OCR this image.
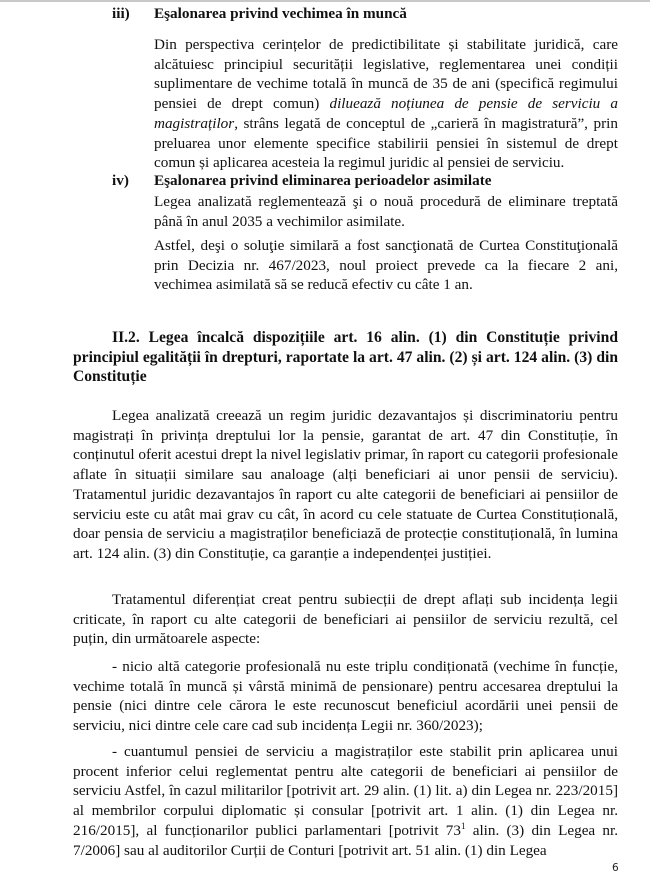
iii) Eşalonarea privind vechimea în muncă
Din perspectiva cerințelor de predictibilitate și stabilitate juridică, care alcătuiesc principiul securității legislative, reglementarea unei condiții suplimentare de vechime totală în muncă de 35 de ani (specifică regimului pensiei de drept comun) diluează noțiunea de pensie de serviciu a magistraților, strâns legată de conceptul de „carieră în magistratură”, prin preluarea unor elemente specifice stabilirii pensiei în sistemul de drept comun și aplicarea acesteia la regimul juridic al pensiei de serviciu.
iv) Eşalonarea privind eliminarea perioadelor asimilate
Legea analizată reglementează şi o nouă procedură de eliminare treptată până în anul 2035 a vechimilor asimilate.
Astfel, deşi o soluţie similară a fost sancţionată de Curtea Constituţională prin Decizia nr. 467/2023, noul proiect prevede ca la fiecare 2 ani, vechimea asimilată să se reducă efectiv cu câte 1 an.
II.2. Legea încalcă dispozițiile art. 16 alin. (1) din Constituție privind principiul egalității în drepturi, raportate la art. 47 alin. (2) și art. 124 alin. (3) din Constituție
Legea analizată creează un regim juridic dezavantajos și discriminatoriu pentru magistrați în privința dreptului lor la pensie, garantat de art. 47 din Constituție, în conținutul oferit acestui drept la nivel legislativ primar, în raport cu categorii profesionale aflate în situații similare sau analoage (alți beneficiari ai unor pensii de serviciu). Tratamentul juridic dezavantajos în raport cu alte categorii de beneficiari ai pensiilor de serviciu este cu atât mai grav cu cât, în acord cu cele statuate de Curtea Constituțională, doar pensia de serviciu a magistraților beneficiază de protecție constituțională, în lumina art. 124 alin. (3) din Constituție, ca garanție a independenței justiției.
Tratamentul diferențiat creat pentru subiecții de drept aflați sub incidența legii criticate, în raport cu alte categorii de beneficiari ai pensiilor de serviciu rezultă, cel puțin, din următoarele aspecte:
- nicio altă categorie profesională nu este triplu condiționată (vechime în funcție, vechime totală în muncă și vârstă minimă de pensionare) pentru accesarea dreptului la pensie (nici dintre cele cărora le este recunoscut beneficiul acordării unei pensii de serviciu, nici dintre cele care cad sub incidența Legii nr. 360/2023);
- cuantumul pensiei de serviciu a magistraților este stabilit prin aplicarea unui procent inferior celui reglementat pentru alte categorii de beneficiari ai pensiilor de serviciu Astfel, în cazul militarilor [potrivit art. 29 alin. (1) lit. a) din Legea nr. 223/2015] al membrilor corpului diplomatic și consular [potrivit art. 1 alin. (1) din Legea nr. 216/2015], al funcționarilor publici parlamentari [potrivit $73^1$ alin. (3) din Legea nr. 7/2006] sau al auditorilor Curții de Conturi [potrivit art. 51 alin. (1) din Legea
6
